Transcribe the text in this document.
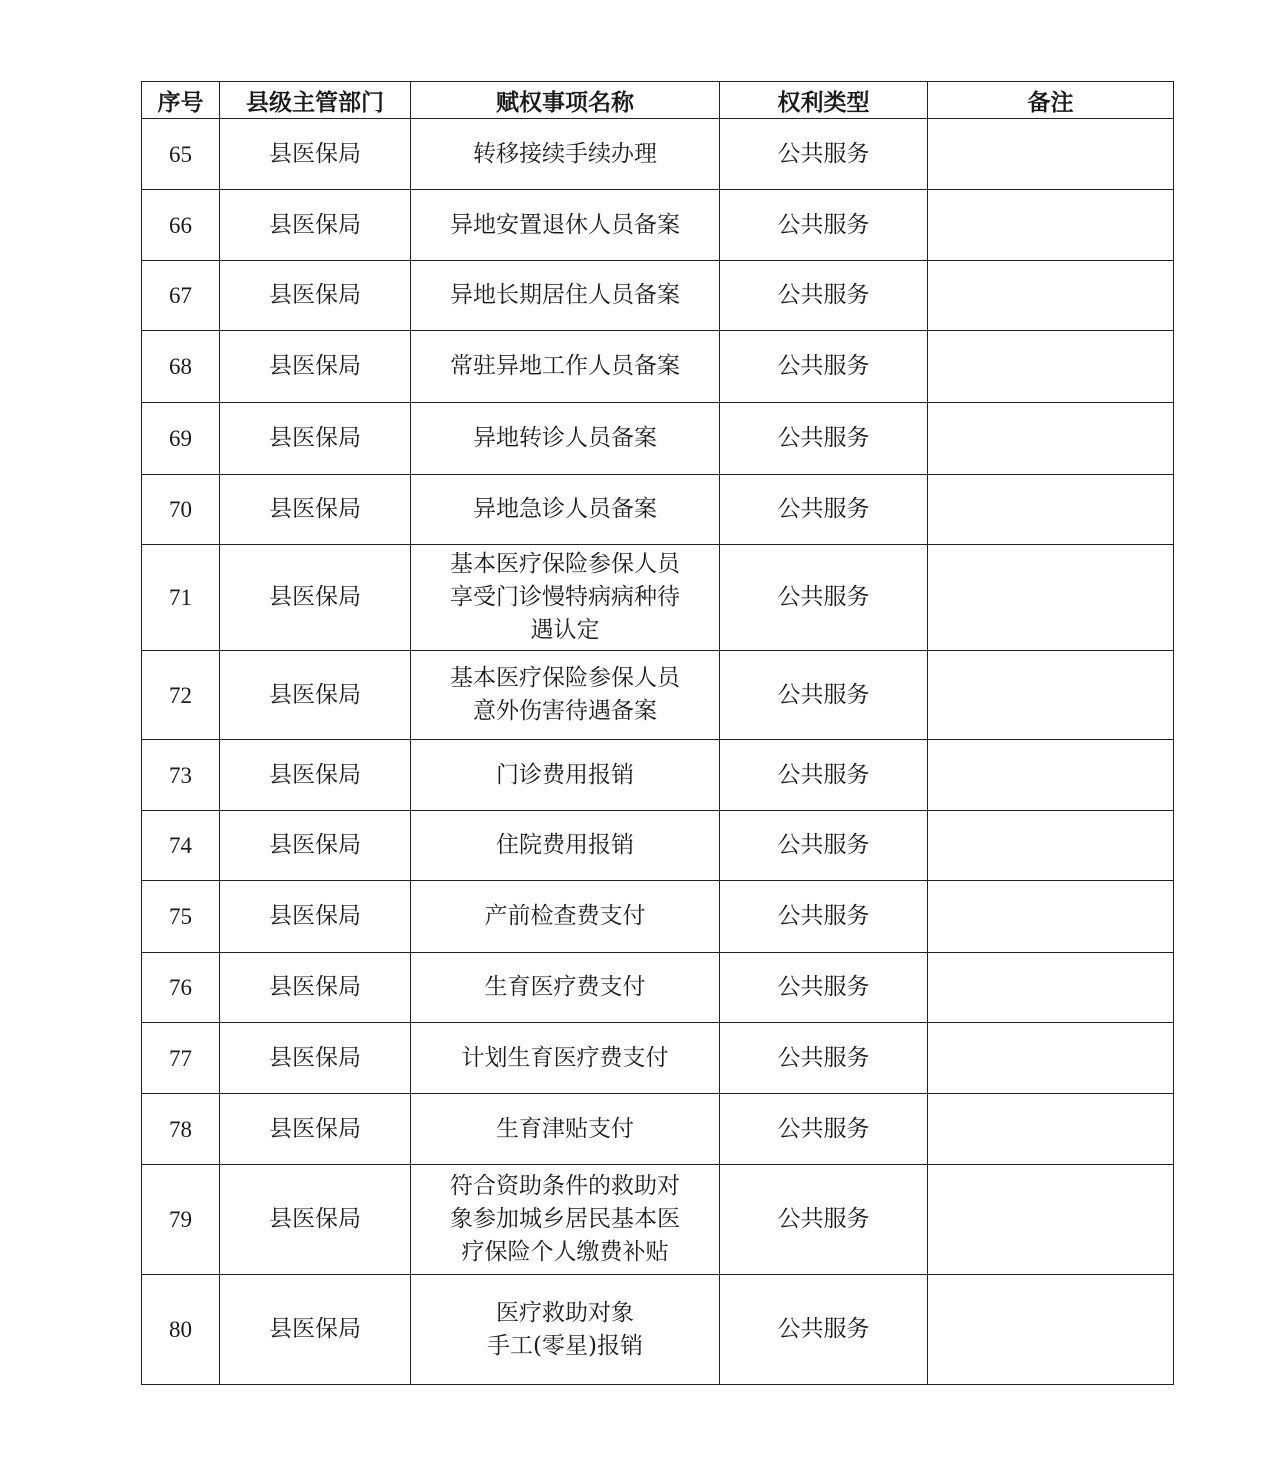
序号	县级主管部门	赋权事项名称	权利类型	备注
65	县医保局	转移接续手续办理	公共服务	
66	县医保局	异地安置退休人员备案	公共服务	
67	县医保局	异地长期居住人员备案	公共服务	
68	县医保局	常驻异地工作人员备案	公共服务	
69	县医保局	异地转诊人员备案	公共服务	
70	县医保局	异地急诊人员备案	公共服务	
71	县医保局	基本医疗保险参保人员
享受门诊慢特病病种待
遇认定	公共服务	
72	县医保局	基本医疗保险参保人员
意外伤害待遇备案	公共服务	
73	县医保局	门诊费用报销	公共服务	
74	县医保局	住院费用报销	公共服务	
75	县医保局	产前检查费支付	公共服务	
76	县医保局	生育医疗费支付	公共服务	
77	县医保局	计划生育医疗费支付	公共服务	
78	县医保局	生育津贴支付	公共服务	
79	县医保局	符合资助条件的救助对
象参加城乡居民基本医
疗保险个人缴费补贴	公共服务	
80	县医保局	医疗救助对象
手工(零星)报销	公共服务	
